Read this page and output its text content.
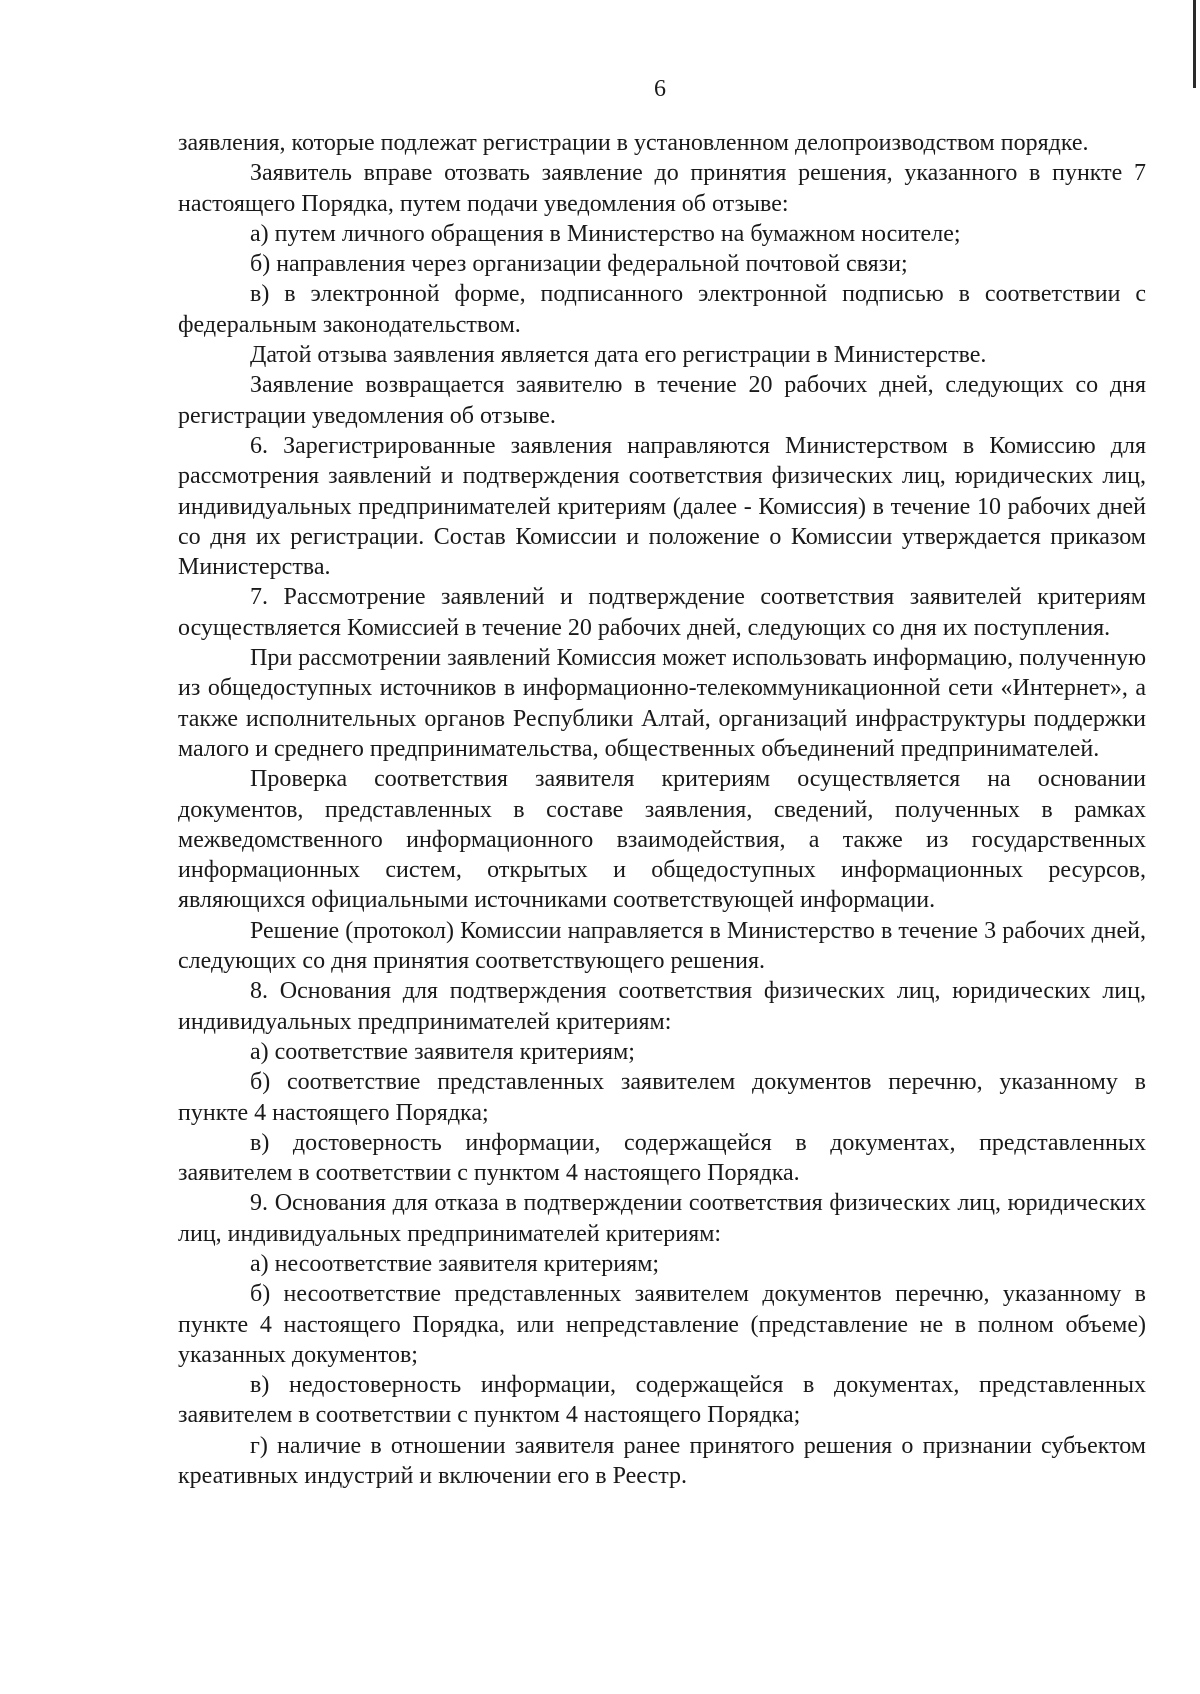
6

заявления, которые подлежат регистрации в установленном делопроизводством порядке.

Заявитель вправе отозвать заявление до принятия решения, указанного в пункте 7 настоящего Порядка, путем подачи уведомления об отзыве:

а) путем личного обращения в Министерство на бумажном носителе;

б) направления через организации федеральной почтовой связи;

в) в электронной форме, подписанного электронной подписью в соответствии с федеральным законодательством.

Датой отзыва заявления является дата его регистрации в Министерстве.

Заявление возвращается заявителю в течение 20 рабочих дней, следующих со дня регистрации уведомления об отзыве.

6. Зарегистрированные заявления направляются Министерством в Комиссию для рассмотрения заявлений и подтверждения соответствия физических лиц, юридических лиц, индивидуальных предпринимателей критериям (далее - Комиссия) в течение 10 рабочих дней со дня их регистрации. Состав Комиссии и положение о Комиссии утверждается приказом Министерства.

7. Рассмотрение заявлений и подтверждение соответствия заявителей критериям осуществляется Комиссией в течение 20 рабочих дней, следующих со дня их поступления.

При рассмотрении заявлений Комиссия может использовать информацию, полученную из общедоступных источников в информационно-телекоммуникационной сети «Интернет», а также исполнительных органов Республики Алтай, организаций инфраструктуры поддержки малого и среднего предпринимательства, общественных объединений предпринимателей.

Проверка соответствия заявителя критериям осуществляется на основании документов, представленных в составе заявления, сведений, полученных в рамках межведомственного информационного взаимодействия, а также из государственных информационных систем, открытых и общедоступных информационных ресурсов, являющихся официальными источниками соответствующей информации.

Решение (протокол) Комиссии направляется в Министерство в течение 3 рабочих дней, следующих со дня принятия соответствующего решения.

8. Основания для подтверждения соответствия физических лиц, юридических лиц, индивидуальных предпринимателей критериям:

а) соответствие заявителя критериям;

б) соответствие представленных заявителем документов перечню, указанному в пункте 4 настоящего Порядка;

в) достоверность информации, содержащейся в документах, представленных заявителем в соответствии с пунктом 4 настоящего Порядка.

9. Основания для отказа в подтверждении соответствия физических лиц, юридических лиц, индивидуальных предпринимателей критериям:

а) несоответствие заявителя критериям;

б) несоответствие представленных заявителем документов перечню, указанному в пункте 4 настоящего Порядка, или непредставление (представление не в полном объеме) указанных документов;

в) недостоверность информации, содержащейся в документах, представленных заявителем в соответствии с пунктом 4 настоящего Порядка;

г) наличие в отношении заявителя ранее принятого решения о признании субъектом креативных индустрий и включении его в Реестр.
